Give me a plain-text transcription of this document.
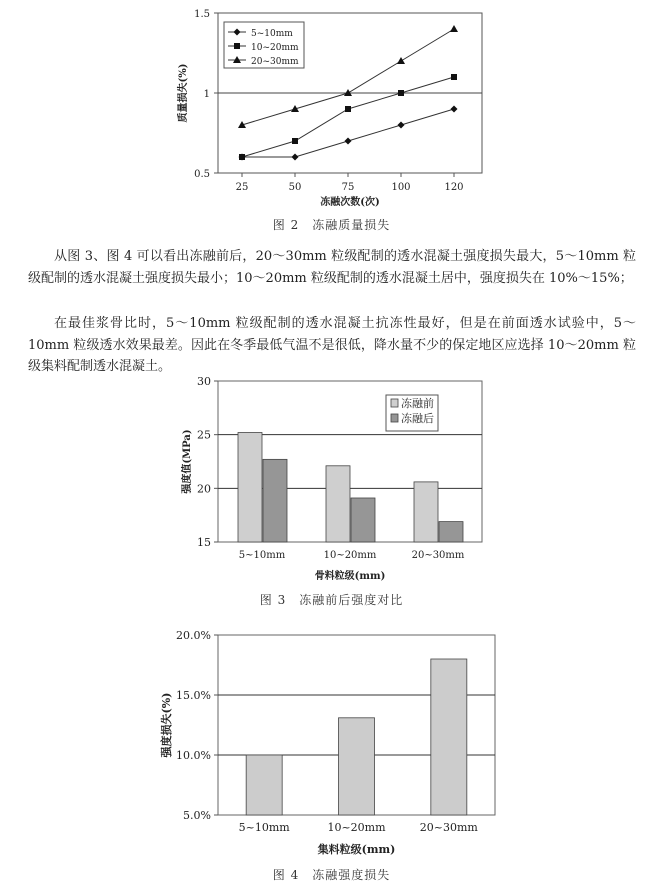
0.5
1
1.5
25	50	75	100	120
冻融次数(次)
质量损失(%)
5~10mm
10~20mm
20~30mm
图 2　冻融质量损失

从图 3、图 4 可以看出冻融前后，20～30mm 粒级配制的透水混凝土强度损失最大，5～10mm 粒级配制的透水混凝土强度损失最小；10～20mm 粒级配制的透水混凝土居中，强度损失在 10%～15%；

在最佳浆骨比时，5～10mm 粒级配制的透水混凝土抗冻性最好，但是在前面透水试验中，5～10mm 粒级透水效果最差。因此在冬季最低气温不是很低，降水量不少的保定地区应选择 10～20mm 粒级集料配制透水混凝土。

15
20
25
30
5~10mm	10~20mm	20~30mm
骨料粒级(mm)
强度值(MPa)
冻融前
冻融后
图 3　冻融前后强度对比
5.0%
10.0%
15.0%
20.0%
5~10mm	10~20mm	20~30mm
集料粒级(mm)
强度损失(%)
图 4　冻融强度损失
